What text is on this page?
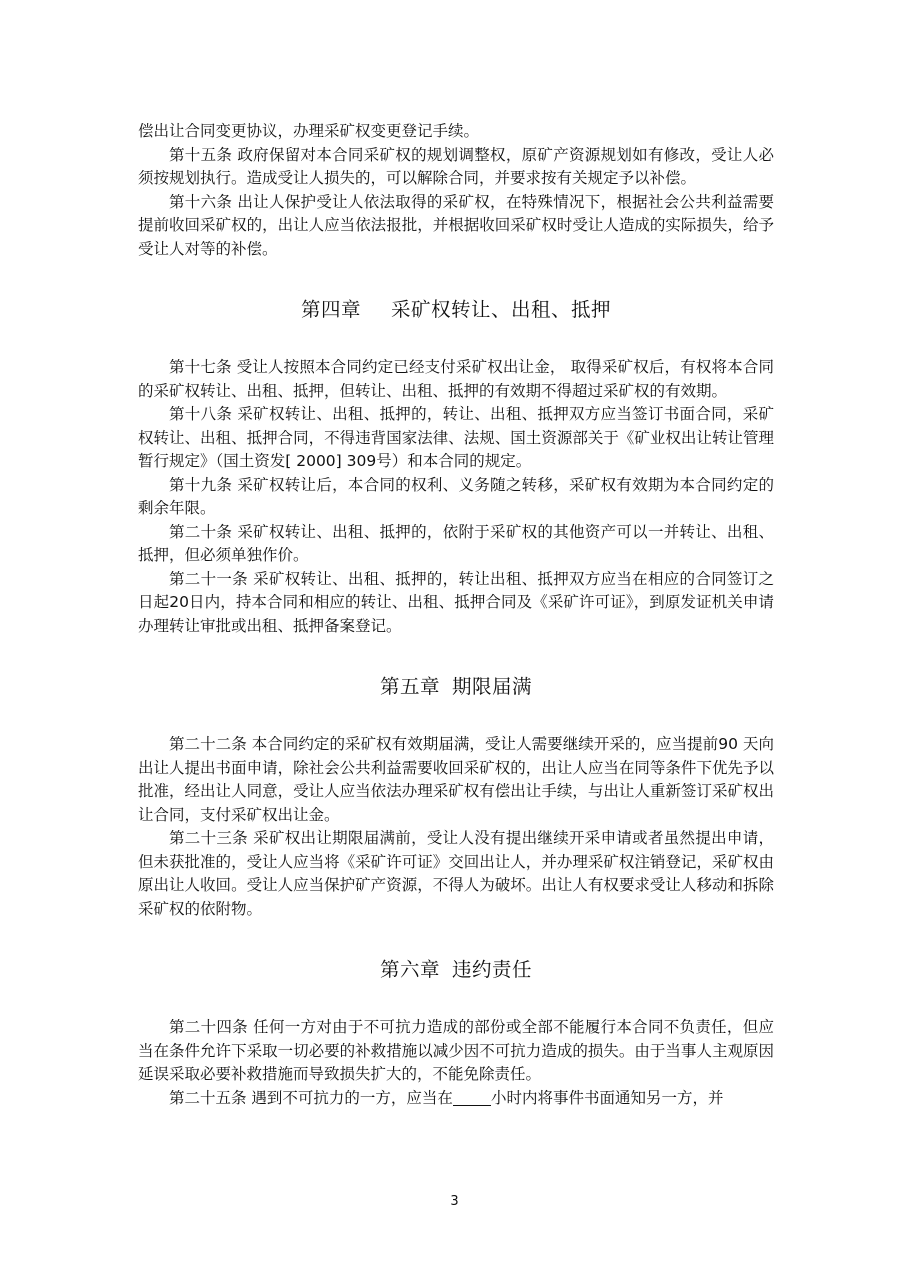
偿出让合同变更协议，办理采矿权变更登记手续。

第十五条 政府保留对本合同采矿权的规划调整权，原矿产资源规划如有修改，受让人必须按规划执行。造成受让人损失的，可以解除合同，并要求按有关规定予以补偿。

第十六条 出让人保护受让人依法取得的采矿权，在特殊情况下，根据社会公共利益需要提前收回采矿权的，出让人应当依法报批，并根据收回采矿权时受让人造成的实际损失，给予受让人对等的补偿。

第四章 采矿权转让、出租、抵押

第十七条 受让人按照本合同约定已经支付采矿权出让金， 取得采矿权后，有权将本合同的采矿权转让、出租、抵押，但转让、出租、抵押的有效期不得超过采矿权的有效期。

第十八条 采矿权转让、出租、抵押的，转让、出租、抵押双方应当签订书面合同，采矿权转让、出租、抵押合同，不得违背国家法律、法规、国土资源部关于《矿业权出让转让管理暂行规定》（国土资发[ 2000] 309号）和本合同的规定。

第十九条 采矿权转让后，本合同的权利、义务随之转移，采矿权有效期为本合同约定的剩余年限。

第二十条 采矿权转让、出租、抵押的，依附于采矿权的其他资产可以一并转让、出租、抵押，但必须单独作价。

第二十一条 采矿权转让、出租、抵押的，转让出租、抵押双方应当在相应的合同签订之日起20日内，持本合同和相应的转让、出租、抵押合同及《采矿许可证》，到原发证机关申请办理转让审批或出租、抵押备案登记。

第五章 期限届满

第二十二条 本合同约定的采矿权有效期届满，受让人需要继续开采的，应当提前90 天向出让人提出书面申请，除社会公共利益需要收回采矿权的，出让人应当在同等条件下优先予以批准，经出让人同意，受让人应当依法办理采矿权有偿出让手续，与出让人重新签订采矿权出让合同，支付采矿权出让金。

第二十三条 采矿权出让期限届满前，受让人没有提出继续开采申请或者虽然提出申请，但未获批准的，受让人应当将《采矿许可证》交回出让人，并办理采矿权注销登记，采矿权由原出让人收回。受让人应当保护矿产资源，不得人为破坏。出让人有权要求受让人移动和拆除采矿权的依附物。

第六章 违约责任

第二十四条 任何一方对由于不可抗力造成的部份或全部不能履行本合同不负责任，但应当在条件允许下采取一切必要的补救措施以减少因不可抗力造成的损失。由于当事人主观原因延误采取必要补救措施而导致损失扩大的，不能免除责任。

第二十五条 遇到不可抗力的一方，应当在 小时内将事件书面通知另一方，并

3
